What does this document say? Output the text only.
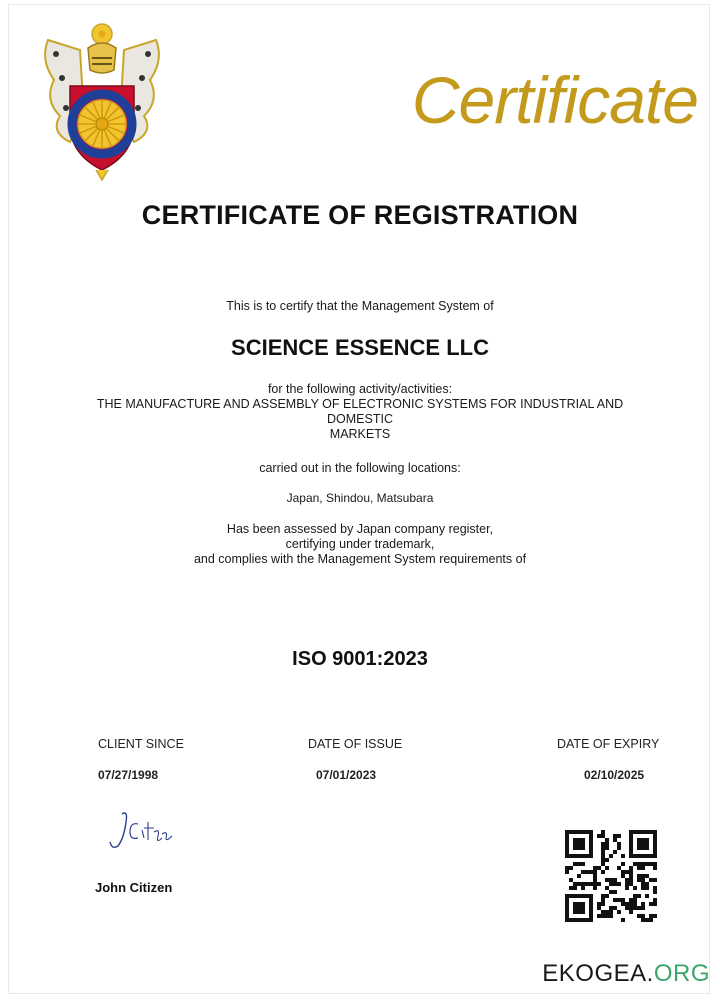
Certificate
CERTIFICATE OF REGISTRATION
This is to certify that the Management System of
SCIENCE ESSENCE LLC
for the following activity/activities:
THE MANUFACTURE AND ASSEMBLY OF ELECTRONIC SYSTEMS FOR INDUSTRIAL AND
DOMESTIC
MARKETS
carried out in the following locations:
Japan, Shindou, Matsubara
Has been assessed by Japan company register,
certifying under trademark,
and complies with the Management System requirements of
ISO 9001:2023
CLIENT SINCE	DATE OF ISSUE	DATE OF EXPIRY
07/27/1998	07/01/2023	02/10/2025
John Citizen
EKOGEA.ORG
